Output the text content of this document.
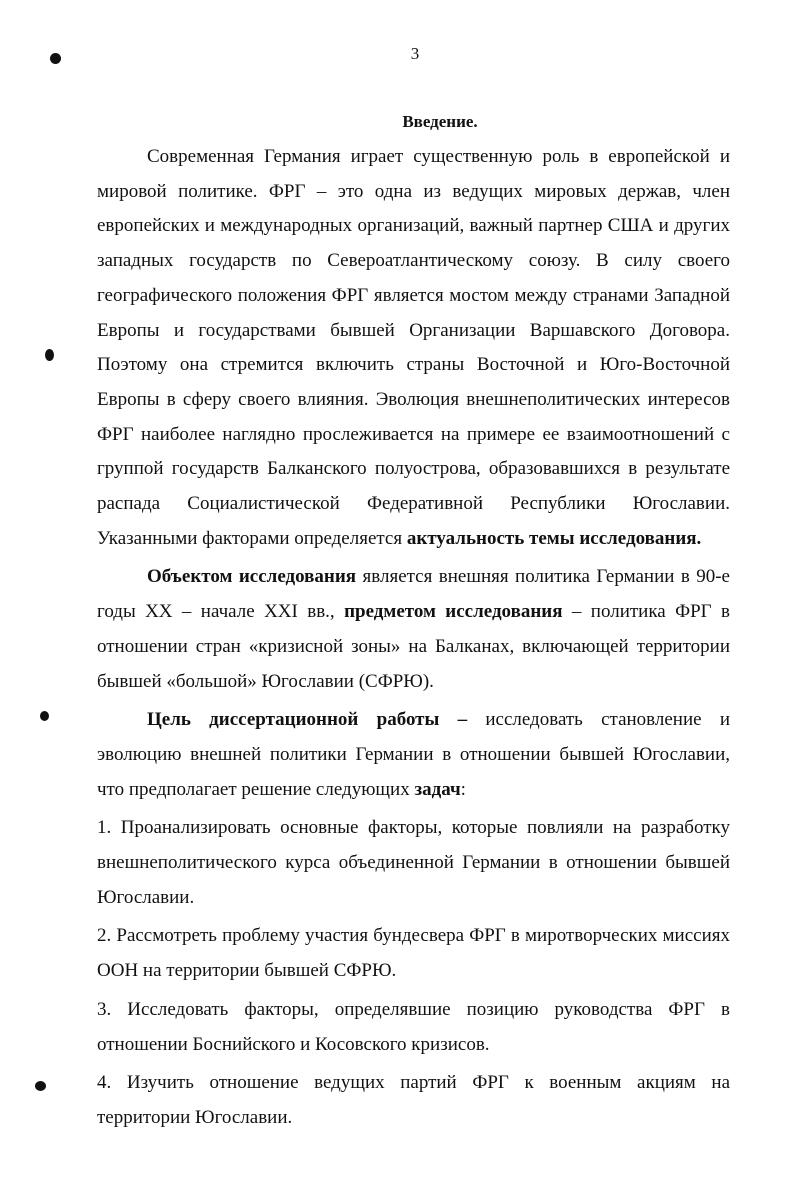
3
Введение.

Современная Германия играет существенную роль в европейской и мировой политике. ФРГ – это одна из ведущих мировых держав, член европейских и международных организаций, важный партнер США и других западных государств по Североатлантическому союзу. В силу своего географического положения ФРГ является мостом между странами Западной Европы и государствами бывшей Организации Варшавского Договора. Поэтому она стремится включить страны Восточной и Юго-Восточной Европы в сферу своего влияния. Эволюция внешнеполитических интересов ФРГ наиболее наглядно прослеживается на примере ее взаимоотношений с группой государств Балканского полуострова, образовавшихся в результате распада Социалистической Федеративной Республики Югославии. Указанными факторами определяется актуальность темы исследования.

Объектом исследования является внешняя политика Германии в 90-е годы XX – начале XXI вв., предметом исследования – политика ФРГ в отношении стран «кризисной зоны» на Балканах, включающей территории бывшей «большой» Югославии (СФРЮ).

Цель диссертационной работы – исследовать становление и эволюцию внешней политики Германии в отношении бывшей Югославии, что предполагает решение следующих задач:

1. Проанализировать основные факторы, которые повлияли на разработку внешнеполитического курса объединенной Германии в отношении бывшей Югославии.

2. Рассмотреть проблему участия бундесвера ФРГ в миротворческих миссиях ООН на территории бывшей СФРЮ.

3. Исследовать факторы, определявшие позицию руководства ФРГ в отношении Боснийского и Косовского кризисов.

4. Изучить отношение ведущих партий ФРГ к военным акциям на территории Югославии.
